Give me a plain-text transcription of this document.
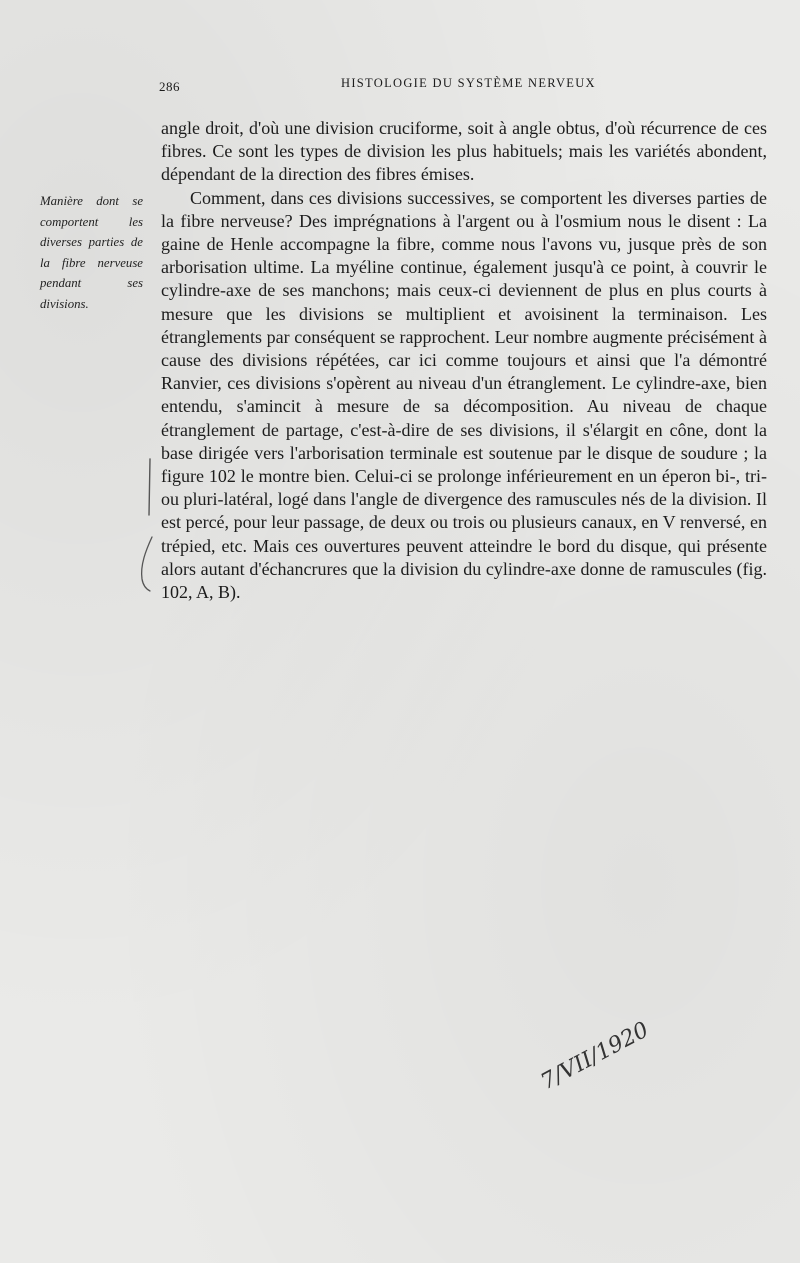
286	HISTOLOGIE DU SYSTÈME NERVEUX
Manière dont se comportent les diverses parties de la fibre nerveuse pendant ses divisions.

angle droit, d'où une division cruciforme, soit à angle obtus, d'où récurrence de ces fibres. Ce sont les types de division les plus habituels; mais les variétés abondent, dépendant de la direction des fibres émises.

Comment, dans ces divisions successives, se comportent les diverses parties de la fibre nerveuse? Des imprégnations à l'argent ou à l'osmium nous le disent : La gaine de Henle accompagne la fibre, comme nous l'avons vu, jusque près de son arborisation ultime. La myéline continue, également jusqu'à ce point, à couvrir le cylindre-axe de ses manchons; mais ceux-ci deviennent de plus en plus courts à mesure que les divisions se multiplient et avoisinent la terminaison. Les étranglements par conséquent se rapprochent. Leur nombre augmente précisément à cause des divisions répétées, car ici comme toujours et ainsi que l'a démontré Ranvier, ces divisions s'opèrent au niveau d'un étranglement. Le cylindre-axe, bien entendu, s'amincit à mesure de sa décomposition. Au niveau de chaque étranglement de partage, c'est-à-dire de ses divisions, il s'élargit en cône, dont la base dirigée vers l'arborisation terminale est soutenue par le disque de soudure ; la figure 102 le montre bien. Celui-ci se prolonge inférieurement en un éperon bi-, tri- ou pluri-latéral, logé dans l'angle de divergence des ramuscules nés de la division. Il est percé, pour leur passage, de deux ou trois ou plusieurs canaux, en V renversé, en trépied, etc. Mais ces ouvertures peuvent atteindre le bord du disque, qui présente alors autant d'échancrures que la division du cylindre-axe donne de ramuscules (fig. 102, A, B).

7/VII/1920
